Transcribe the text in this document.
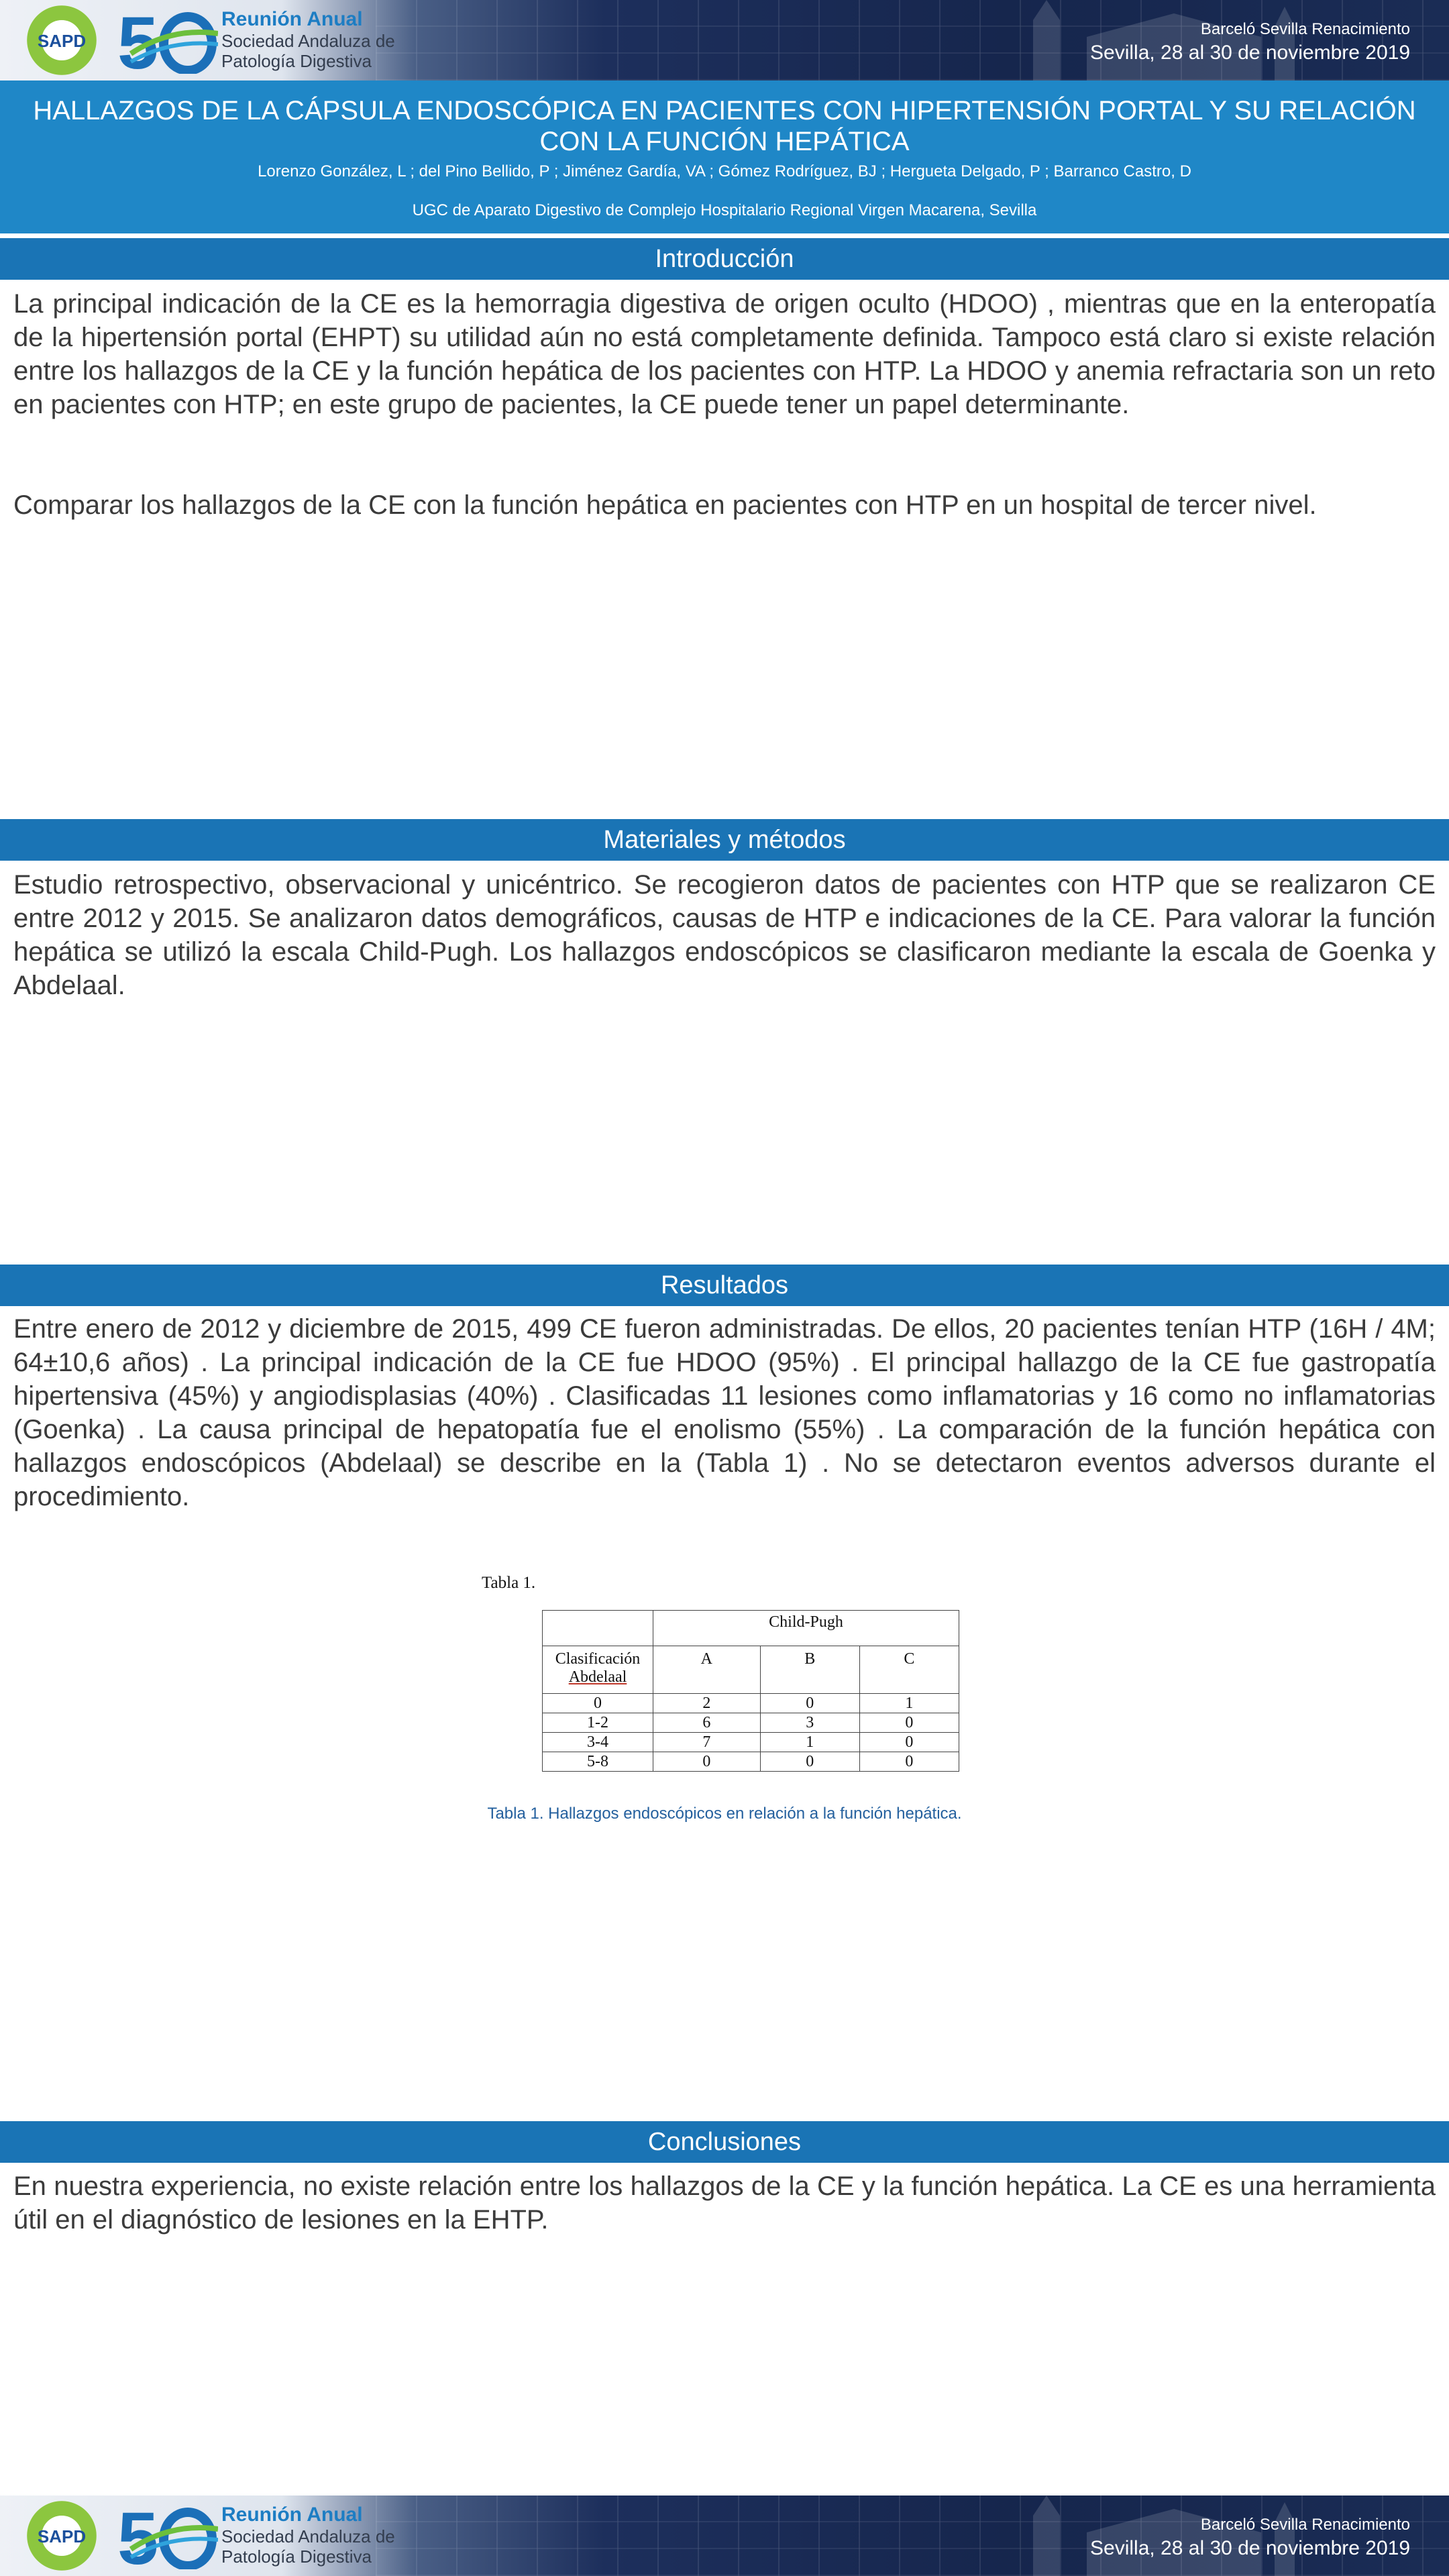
SAPD 5	Reunión Anual
Sociedad Andaluza de
Patología Digestiva
Barceló Sevilla Renacimiento
Sevilla, 28 al 30 de noviembre 2019
HALLAZGOS DE LA CÁPSULA ENDOSCÓPICA EN PACIENTES CON HIPERTENSIÓN PORTAL Y SU RELACIÓN CON LA FUNCIÓN HEPÁTICA
Lorenzo González, L ; del Pino Bellido, P ; Jiménez Gardía, VA ; Gómez Rodríguez, BJ ; Hergueta Delgado, P ; Barranco Castro, D
UGC de Aparato Digestivo de Complejo Hospitalario Regional Virgen Macarena, Sevilla
Introducción
La principal indicación de la CE es la hemorragia digestiva de origen oculto (HDOO) , mientras que en la enteropatía de la hipertensión portal (EHPT) su utilidad aún no está completamente definida. Tampoco está claro si existe relación entre los hallazgos de la CE y la función hepática de los pacientes con HTP. La HDOO y anemia refractaria son un reto en pacientes con HTP; en este grupo de pacientes, la CE puede tener un papel determinante.
Comparar los hallazgos de la CE con la función hepática en pacientes con HTP en un hospital de tercer nivel.
Materiales y métodos
Estudio retrospectivo, observacional y unicéntrico. Se recogieron datos de pacientes con HTP que se realizaron CE entre 2012 y 2015. Se analizaron datos demográficos, causas de HTP e indicaciones de la CE. Para valorar la función hepática se utilizó la escala Child-Pugh. Los hallazgos endoscópicos se clasificaron mediante la escala de Goenka y Abdelaal.
Resultados
Entre enero de 2012 y diciembre de 2015, 499 CE fueron administradas. De ellos, 20 pacientes tenían HTP (16H / 4M; 64±10,6 años) . La principal indicación de la CE fue HDOO (95%) . El principal hallazgo de la CE fue gastropatía hipertensiva (45%) y angiodisplasias (40%) . Clasificadas 11 lesiones como inflamatorias y 16 como no inflamatorias (Goenka) . La causa principal de hepatopatía fue el enolismo (55%) . La comparación de la función hepática con hallazgos endoscópicos (Abdelaal) se describe en la (Tabla 1) . No se detectaron eventos adversos durante el procedimiento.
Tabla 1.
	Child-Pugh		
Clasificación
Abdelaal	A	B	C
0	2	0	1
1-2	6	3	0
3-4	7	1	0
5-8	0	0	0
Tabla 1. Hallazgos endoscópicos en relación a la función hepática.
Conclusiones
En nuestra experiencia, no existe relación entre los hallazgos de la CE y la función hepática. La CE es una herramienta útil en el diagnóstico de lesiones en la EHTP.
SAPD 5	Reunión Anual
Sociedad Andaluza de
Patología Digestiva
Barceló Sevilla Renacimiento
Sevilla, 28 al 30 de noviembre 2019
